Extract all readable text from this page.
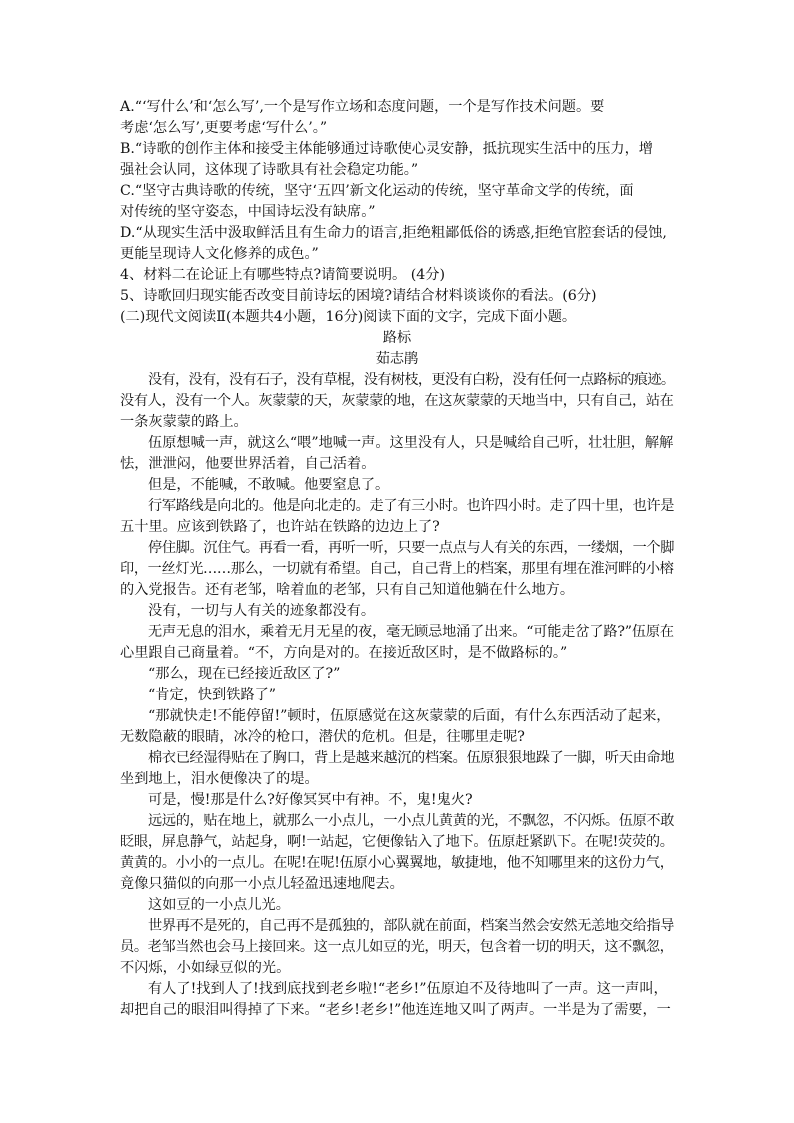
A.“‘写什么’和‘怎么写’,一个是写作立场和态度问题，一个是写作技术问题。要
考虑‘怎么写’,更要考虑‘写什么’。”
B.“诗歌的创作主体和接受主体能够通过诗歌使心灵安静，抵抗现实生活中的压力，增
强社会认同，这体现了诗歌具有社会稳定功能。”
C.“坚守古典诗歌的传统，坚守‘五四’新文化运动的传统，坚守革命文学的传统，面
对传统的坚守姿态，中国诗坛没有缺席。”
D.“从现实生活中汲取鲜活且有生命力的语言,拒绝粗鄙低俗的诱惑,拒绝官腔套话的侵蚀,
更能呈现诗人文化修养的成色。”
4、材料二在论证上有哪些特点?请简要说明。 (4分)
5、诗歌回归现实能否改变目前诗坛的困境?请结合材料谈谈你的看法。(6分)
(二)现代文阅读Ⅱ(本题共4小题，16分)阅读下面的文字，完成下面小题。
路标
茹志鹃
没有，没有，没有石子，没有草棍，没有树枝，更没有白粉，没有任何一点路标的痕迹。
没有人，没有一个人。灰蒙蒙的天，灰蒙蒙的地，在这灰蒙蒙的天地当中，只有自己，站在
一条灰蒙蒙的路上。
伍原想喊一声，就这么“喂”地喊一声。这里没有人，只是喊给自己听，壮壮胆，解解
怯，泄泄闷，他要世界活着，自己活着。
但是，不能喊，不敢喊。他要窒息了。
行军路线是向北的。他是向北走的。走了有三小时。也许四小时。走了四十里，也许是
五十里。应该到铁路了，也许站在铁路的边边上了?
停住脚。沉住气。再看一看，再听一听，只要一点点与人有关的东西，一缕烟，一个脚
印，一丝灯光……那么，一切就有希望。自己，自己背上的档案，那里有埋在淮河畔的小榕
的入党报告。还有老邹，啥着血的老邹，只有自己知道他躺在什么地方。
没有，一切与人有关的迹象都没有。
无声无息的泪水，乘着无月无星的夜，毫无顾忌地涌了出来。“可能走岔了路?”伍原在
心里跟自己商量着。“不，方向是对的。在接近敌区时，是不做路标的。”
“那么，现在已经接近敌区了?”
“肯定，快到铁路了”
“那就快走!不能停留!”顿时，伍原感觉在这灰蒙蒙的后面，有什么东西活动了起来，
无数隐蔽的眼睛，冰冷的枪口，潜伏的危机。但是，往哪里走呢?
棉衣已经湿得贴在了胸口，背上是越来越沉的档案。伍原狠狠地跺了一脚，听天由命地
坐到地上，泪水便像决了的堤。
可是，慢!那是什么?好像冥冥中有神。不，鬼!鬼火?
远远的，贴在地上，就那么一小点儿，一小点儿黄黄的光，不飘忽，不闪烁。伍原不敢
眨眼，屏息静气，站起身，啊!一站起，它便像钻入了地下。伍原赶紧趴下。在呢!荧荧的。
黄黄的。小小的一点儿。在呢!在呢!伍原小心翼翼地，敏捷地，他不知哪里来的这份力气，
竟像只猫似的向那一小点儿轻盈迅速地爬去。
这如豆的一小点儿光。
世界再不是死的，自己再不是孤独的，部队就在前面，档案当然会安然无恙地交给指导
员。老邹当然也会马上接回来。这一点儿如豆的光，明天，包含着一切的明天，这不飘忽，
不闪烁，小如绿豆似的光。
有人了!找到人了!找到底找到老乡啦!“老乡!”伍原迫不及待地叫了一声。这一声叫，
却把自己的眼泪叫得掉了下来。“老乡!老乡!”他连连地又叫了两声。一半是为了需要，一
